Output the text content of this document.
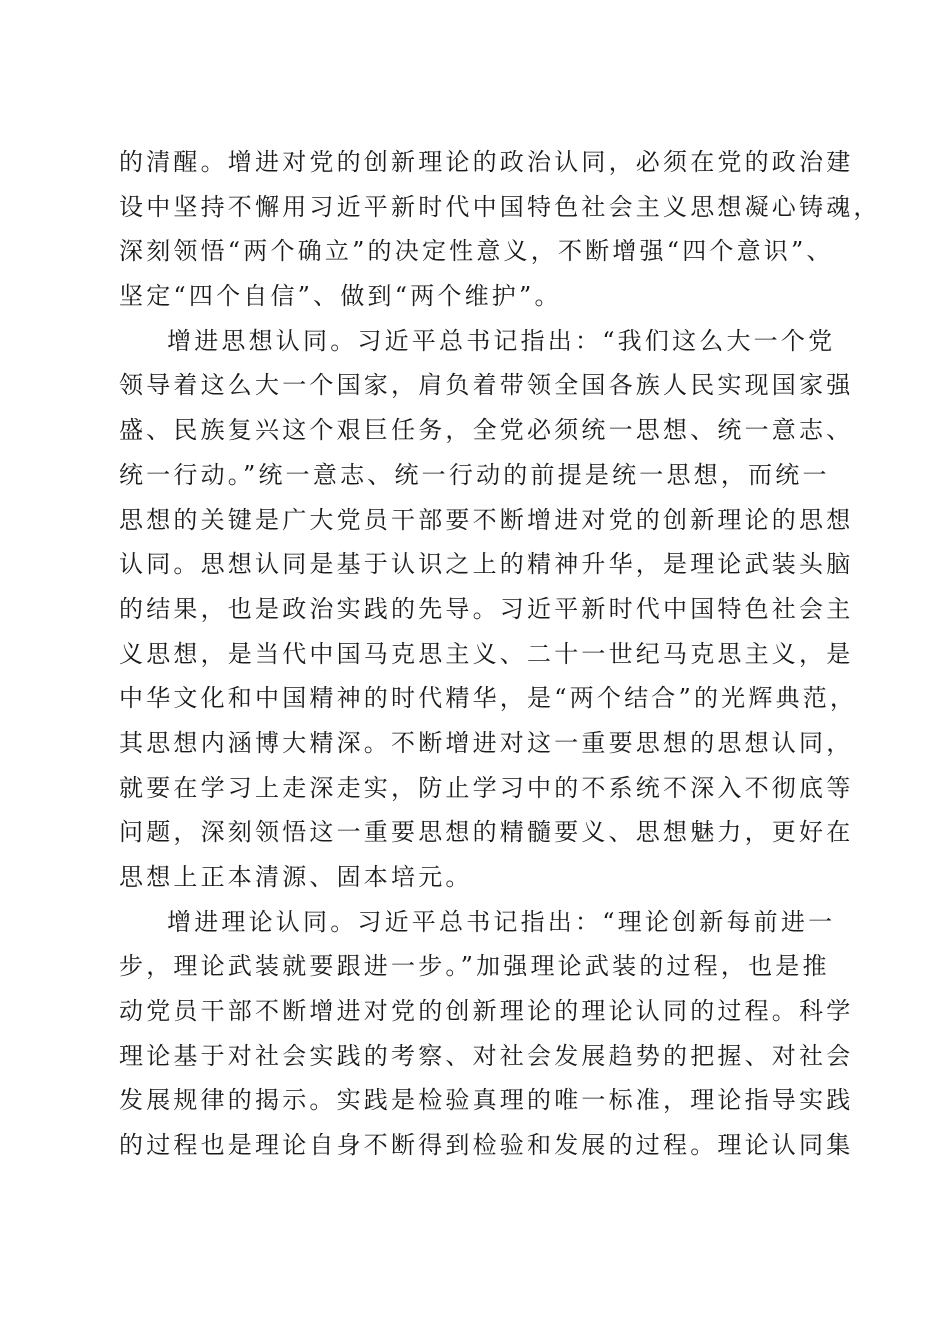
的清醒。增进对党的创新理论的政治认同，必须在党的政治建
设中坚持不懈用习近平新时代中国特色社会主义思想凝心铸魂，
深刻领悟“两个确立”的决定性意义，不断增强“四个意识”、
坚定“四个自信”、做到“两个维护”。
增进思想认同。习近平总书记指出：“我们这么大一个党
领导着这么大一个国家，肩负着带领全国各族人民实现国家强
盛、民族复兴这个艰巨任务，全党必须统一思想、统一意志、
统一行动。”统一意志、统一行动的前提是统一思想，而统一
思想的关键是广大党员干部要不断增进对党的创新理论的思想
认同。思想认同是基于认识之上的精神升华，是理论武装头脑
的结果，也是政治实践的先导。习近平新时代中国特色社会主
义思想，是当代中国马克思主义、二十一世纪马克思主义，是
中华文化和中国精神的时代精华，是“两个结合”的光辉典范，
其思想内涵博大精深。不断增进对这一重要思想的思想认同，
就要在学习上走深走实，防止学习中的不系统不深入不彻底等
问题，深刻领悟这一重要思想的精髓要义、思想魅力，更好在
思想上正本清源、固本培元。
增进理论认同。习近平总书记指出：“理论创新每前进一
步，理论武装就要跟进一步。”加强理论武装的过程，也是推
动党员干部不断增进对党的创新理论的理论认同的过程。科学
理论基于对社会实践的考察、对社会发展趋势的把握、对社会
发展规律的揭示。实践是检验真理的唯一标准，理论指导实践
的过程也是理论自身不断得到检验和发展的过程。理论认同集
